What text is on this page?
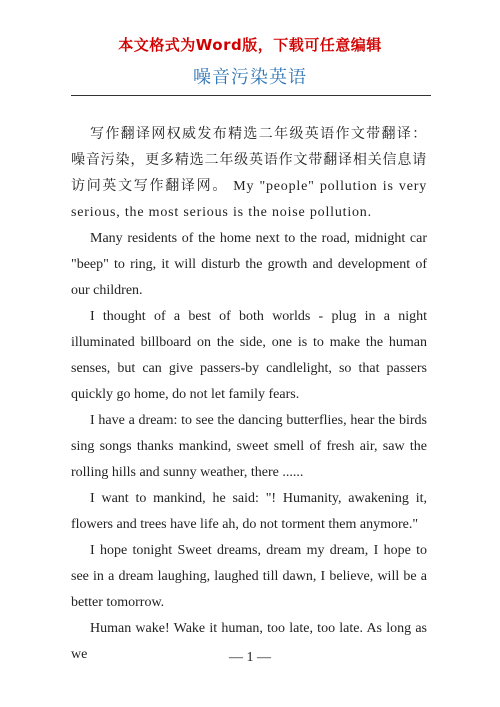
本文格式为Word版，下载可任意编辑
噪音污染英语

写作翻译网权威发布精选二年级英语作文带翻译：噪音污染，更多精选二年级英语作文带翻译相关信息请访问英文写作翻译网。 My "people" pollution is very serious, the most serious is the noise pollution.

Many residents of the home next to the road, midnight car "beep" to ring, it will disturb the growth and development of our children.

I thought of a best of both worlds - plug in a night illuminated billboard on the side, one is to make the human senses, but can give passers-by candlelight, so that passers quickly go home, do not let family fears.

I have a dream: to see the dancing butterflies, hear the birds sing songs thanks mankind, sweet smell of fresh air, saw the rolling hills and sunny weather, there ......

I want to mankind, he said: "! Humanity, awakening it, flowers and trees have life ah, do not torment them anymore."

I hope tonight Sweet dreams, dream my dream, I hope to see in a dream laughing, laughed till dawn, I believe, will be a better tomorrow.

Human wake! Wake it human, too late, too late. As long as we	— 1 —
